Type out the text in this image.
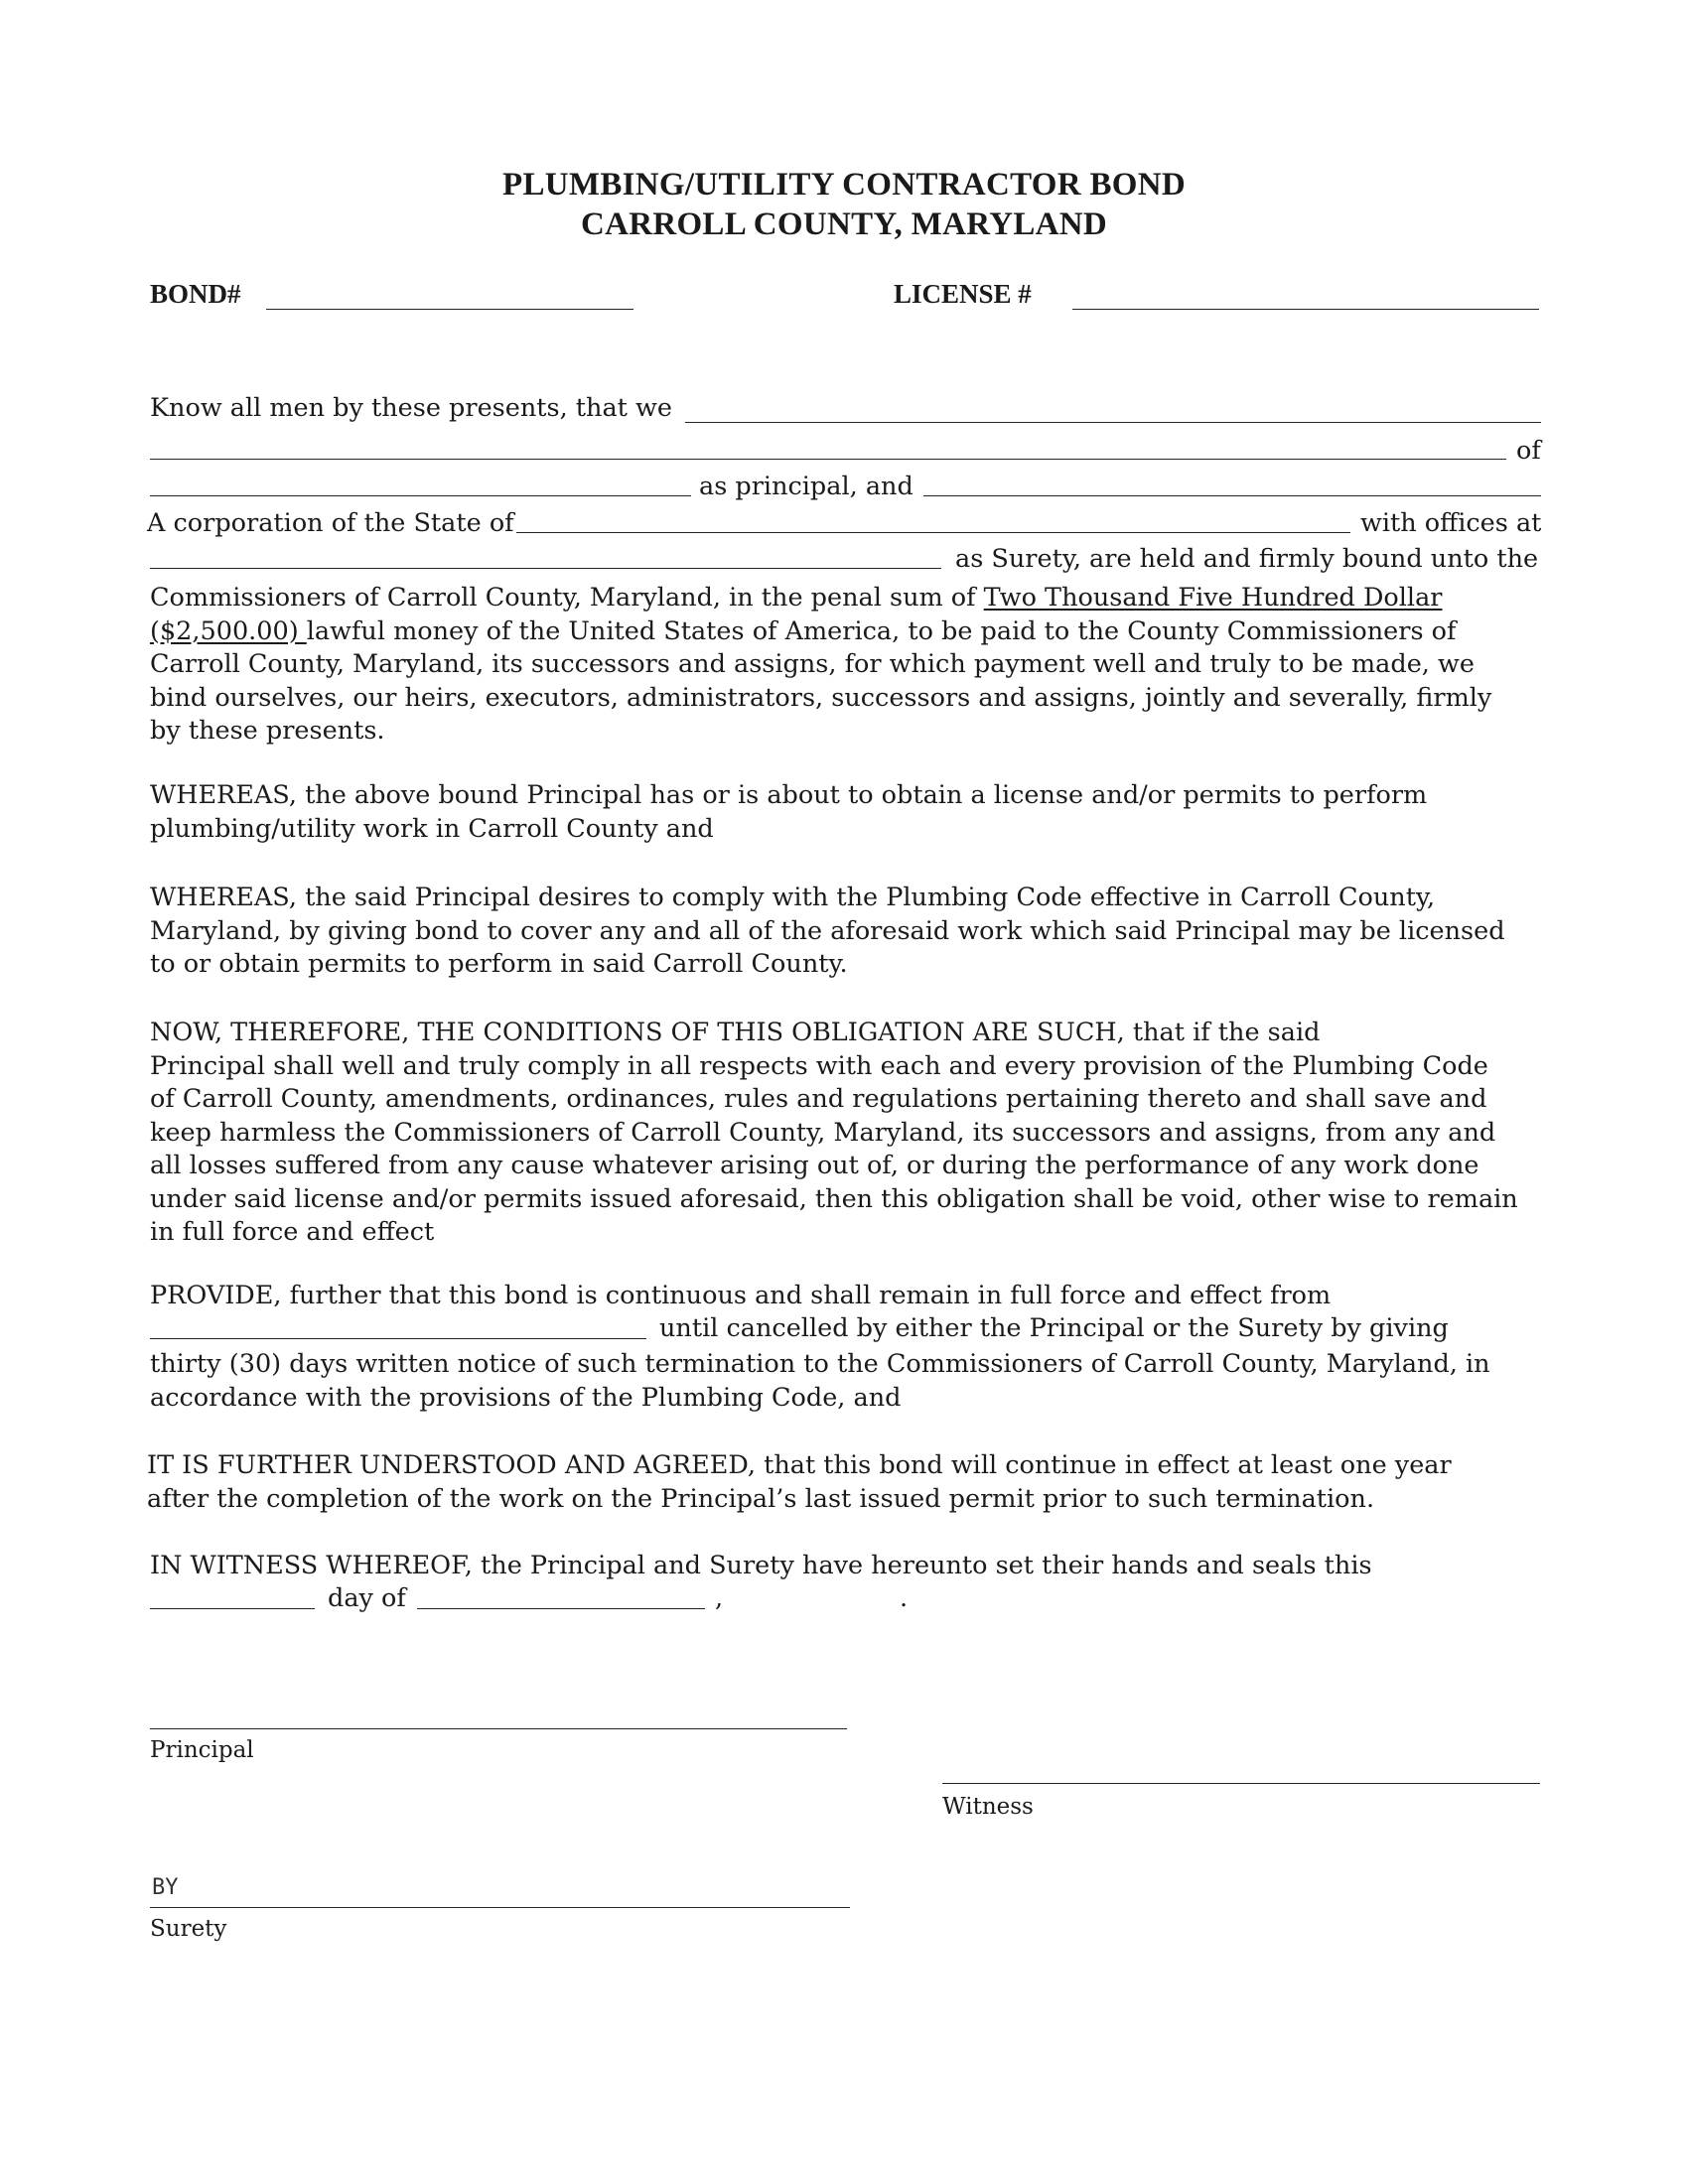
PLUMBING/UTILITY CONTRACTOR BOND
CARROLL COUNTY, MARYLAND
BOND#	LICENSE #
Know all men by these presents, that we
of
as principal, and
A corporation of the State of	with offices at
as Surety, are held and firmly bound unto the
Commissioners of Carroll County, Maryland, in the penal sum of Two Thousand Five Hundred Dollar
($2,500.00) lawful money of the United States of America, to be paid to the County Commissioners of
Carroll County, Maryland, its successors and assigns, for which payment well and truly to be made, we
bind ourselves, our heirs, executors, administrators, successors and assigns, jointly and severally, firmly
by these presents.
WHEREAS, the above bound Principal has or is about to obtain a license and/or permits to perform
plumbing/utility work in Carroll County and
WHEREAS, the said Principal desires to comply with the Plumbing Code effective in Carroll County,
Maryland, by giving bond to cover any and all of the aforesaid work which said Principal may be licensed
to or obtain permits to perform in said Carroll County.
NOW, THEREFORE, THE CONDITIONS OF THIS OBLIGATION ARE SUCH, that if the said
Principal shall well and truly comply in all respects with each and every provision of the Plumbing Code
of Carroll County, amendments, ordinances, rules and regulations pertaining thereto and shall save and
keep harmless the Commissioners of Carroll County, Maryland, its successors and assigns, from any and
all losses suffered from any cause whatever arising out of, or during the performance of any work done
under said license and/or permits issued aforesaid, then this obligation shall be void, other wise to remain
in full force and effect
PROVIDE, further that this bond is continuous and shall remain in full force and effect from
until cancelled by either the Principal or the Surety by giving
thirty (30) days written notice of such termination to the Commissioners of Carroll County, Maryland, in
accordance with the provisions of the Plumbing Code, and
IT IS FURTHER UNDERSTOOD AND AGREED, that this bond will continue in effect at least one year
after the completion of the work on the Principal’s last issued permit prior to such termination.
IN WITNESS WHEREOF, the Principal and Surety have hereunto set their hands and seals this
day of	,	.
Principal
Witness
BY
Surety
